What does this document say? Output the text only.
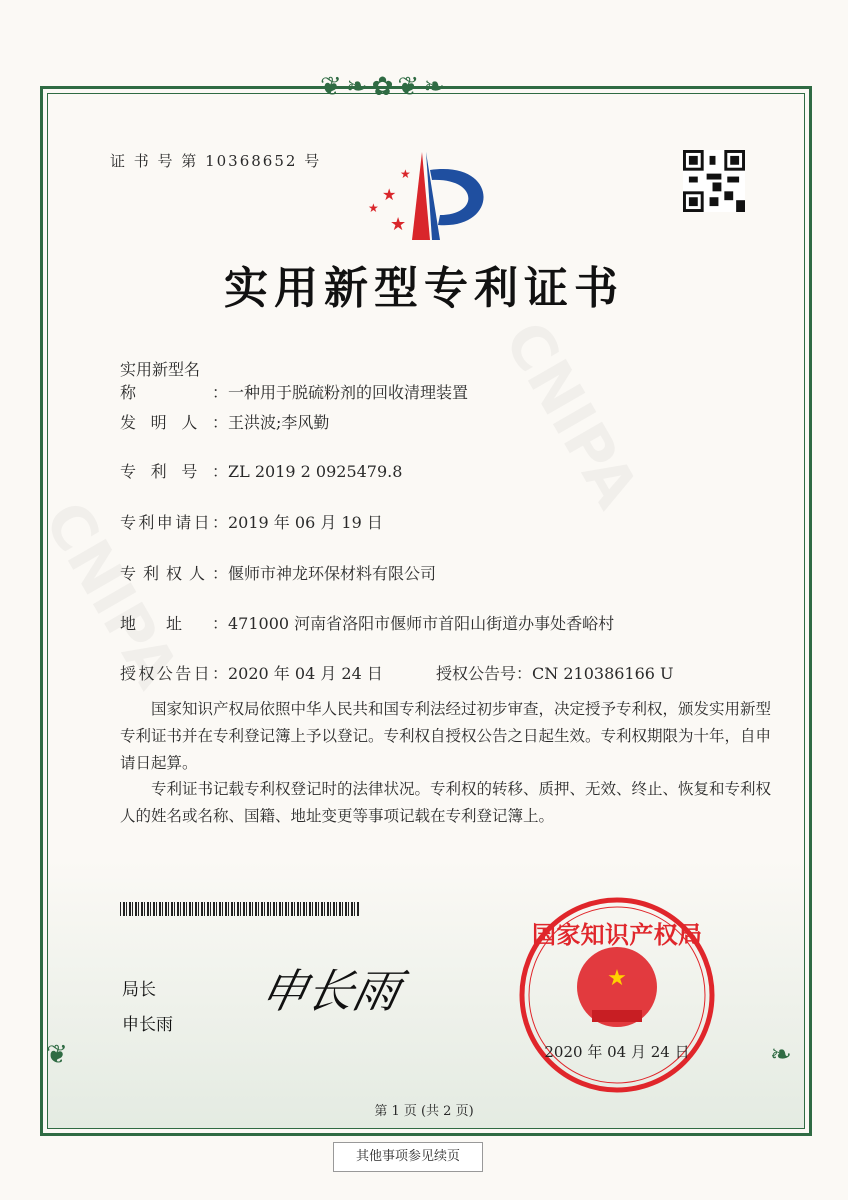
❦❧✿❦❧
❦	❧
证 书 号 第 10368652 号
★
★
★
★
实用新型专利证书
实用新型名称：一种用于脱硫粉剂的回收清理装置
发明人：王洪波;李风勤
专利号：ZL 2019 2 0925479.8
专利申请日：2019 年 06 月 19 日
专利权人：偃师市神龙环保材料有限公司
地址：471000 河南省洛阳市偃师市首阳山街道办事处香峪村
授权公告日：2020 年 04 月 24 日	授权公告号：CN 210386166 U
国家知识产权局依照中华人民共和国专利法经过初步审查，决定授予专利权，颁发实用新型专利证书并在专利登记簿上予以登记。专利权自授权公告之日起生效。专利权期限为十年，自申请日起算。
专利证书记载专利权登记时的法律状况。专利权的转移、质押、无效、终止、恢复和专利权人的姓名或名称、国籍、地址变更等事项记载在专利登记簿上。
局长
申长雨
申长雨	★
国家知识产权局
2020 年 04 月 24 日
第 1 页 (共 2 页)
其他事项参见续页
